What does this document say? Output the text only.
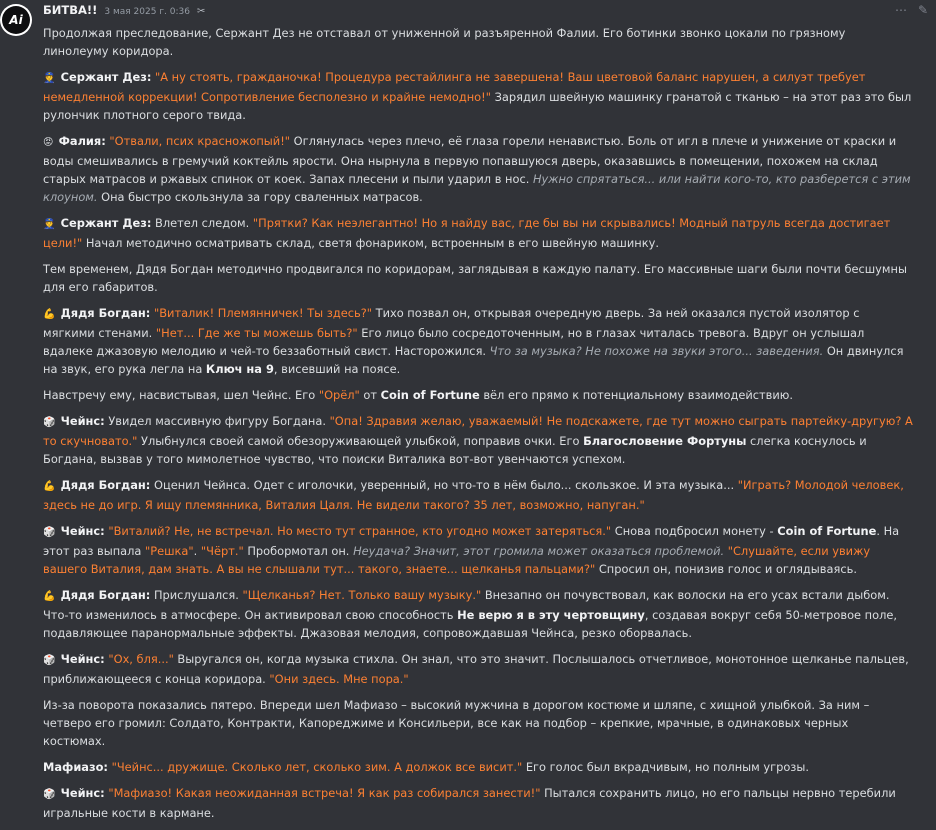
Ai
БИТВА!! 3 мая 2025 г. 0:36 ✂	⋯ ✎

Продолжая преследование, Сержант Дез не отставал от униженной и разъяренной Фалии. Его ботинки звонко цокали по грязному линолеуму коридора.

👮 Сержант Дез: "А ну стоять, гражданочка! Процедура рестайлинга не завершена! Ваш цветовой баланс нарушен, а силуэт требует немедленной коррекции! Сопротивление бесполезно и крайне немодно!" Зарядил швейную машинку гранатой с тканью – на этот раз это был рулончик плотного серого твида.

😡 Фалия: "Отвали, псих красножопый!" Оглянулась через плечо, её глаза горели ненавистью. Боль от игл в плече и унижение от краски и воды смешивались в гремучий коктейль ярости. Она нырнула в первую попавшуюся дверь, оказавшись в помещении, похожем на склад старых матрасов и ржавых спинок от коек. Запах плесени и пыли ударил в нос. Нужно спрятаться... или найти кого-то, кто разберется с этим клоуном. Она быстро скользнула за гору сваленных матрасов.

👮 Сержант Дез: Влетел следом. "Прятки? Как неэлегантно! Но я найду вас, где бы вы ни скрывались! Модный патруль всегда достигает цели!" Начал методично осматривать склад, светя фонариком, встроенным в его швейную машинку.

Тем временем, Дядя Богдан методично продвигался по коридорам, заглядывая в каждую палату. Его массивные шаги были почти бесшумны для его габаритов.

💪 Дядя Богдан: "Виталик! Племянничек! Ты здесь?" Тихо позвал он, открывая очередную дверь. За ней оказался пустой изолятор с мягкими стенами. "Нет... Где же ты можешь быть?" Его лицо было сосредоточенным, но в глазах читалась тревога. Вдруг он услышал вдалеке джазовую мелодию и чей-то беззаботный свист. Насторожился. Что за музыка? Не похоже на звуки этого... заведения. Он двинулся на звук, его рука легла на Ключ на 9, висевший на поясе.

Навстречу ему, насвистывая, шел Чейнс. Его "Орёл" от Coin of Fortune вёл его прямо к потенциальному взаимодействию.

🎲 Чейнс: Увидел массивную фигуру Богдана. "Опа! Здравия желаю, уважаемый! Не подскажете, где тут можно сыграть партейку-другую? А то скучновато." Улыбнулся своей самой обезоруживающей улыбкой, поправив очки. Его Благословение Фортуны слегка коснулось и Богдана, вызвав у того мимолетное чувство, что поиски Виталика вот-вот увенчаются успехом.

💪 Дядя Богдан: Оценил Чейнса. Одет с иголочки, уверенный, но что-то в нём было... скользкое. И эта музыка... "Играть? Молодой человек, здесь не до игр. Я ищу племянника, Виталия Цаля. Не видели такого? 35 лет, возможно, напуган."

🎲 Чейнс: "Виталий? Не, не встречал. Но место тут странное, кто угодно может затеряться." Снова подбросил монету - Coin of Fortune. На этот раз выпала "Решка". "Чёрт." Пробормотал он. Неудача? Значит, этот громила может оказаться проблемой. "Слушайте, если увижу вашего Виталия, дам знать. А вы не слышали тут... такого, знаете... щелканья пальцами?" Спросил он, понизив голос и оглядываясь.

💪 Дядя Богдан: Прислушался. "Щелканья? Нет. Только вашу музыку." Внезапно он почувствовал, как волоски на его усах встали дыбом. Что-то изменилось в атмосфере. Он активировал свою способность Не верю я в эту чертовщину, создавая вокруг себя 50-метровое поле, подавляющее паранормальные эффекты. Джазовая мелодия, сопровождавшая Чейнса, резко оборвалась.

🎲 Чейнс: "Ох, бля..." Выругался он, когда музыка стихла. Он знал, что это значит. Послышалось отчетливое, монотонное щелканье пальцев, приближающееся с конца коридора. "Они здесь. Мне пора."

Из-за поворота показались пятеро. Впереди шел Мафиазо – высокий мужчина в дорогом костюме и шляпе, с хищной улыбкой. За ним – четверо его громил: Солдато, Контракти, Капореджиме и Консильери, все как на подбор – крепкие, мрачные, в одинаковых черных костюмах.

Мафиазо: "Чейнс... дружище. Сколько лет, сколько зим. А должок все висит." Его голос был вкрадчивым, но полным угрозы.

🎲 Чейнс: "Мафиазо! Какая неожиданная встреча! Я как раз собирался занести!" Пытался сохранить лицо, но его пальцы нервно теребили игральные кости в кармане.
